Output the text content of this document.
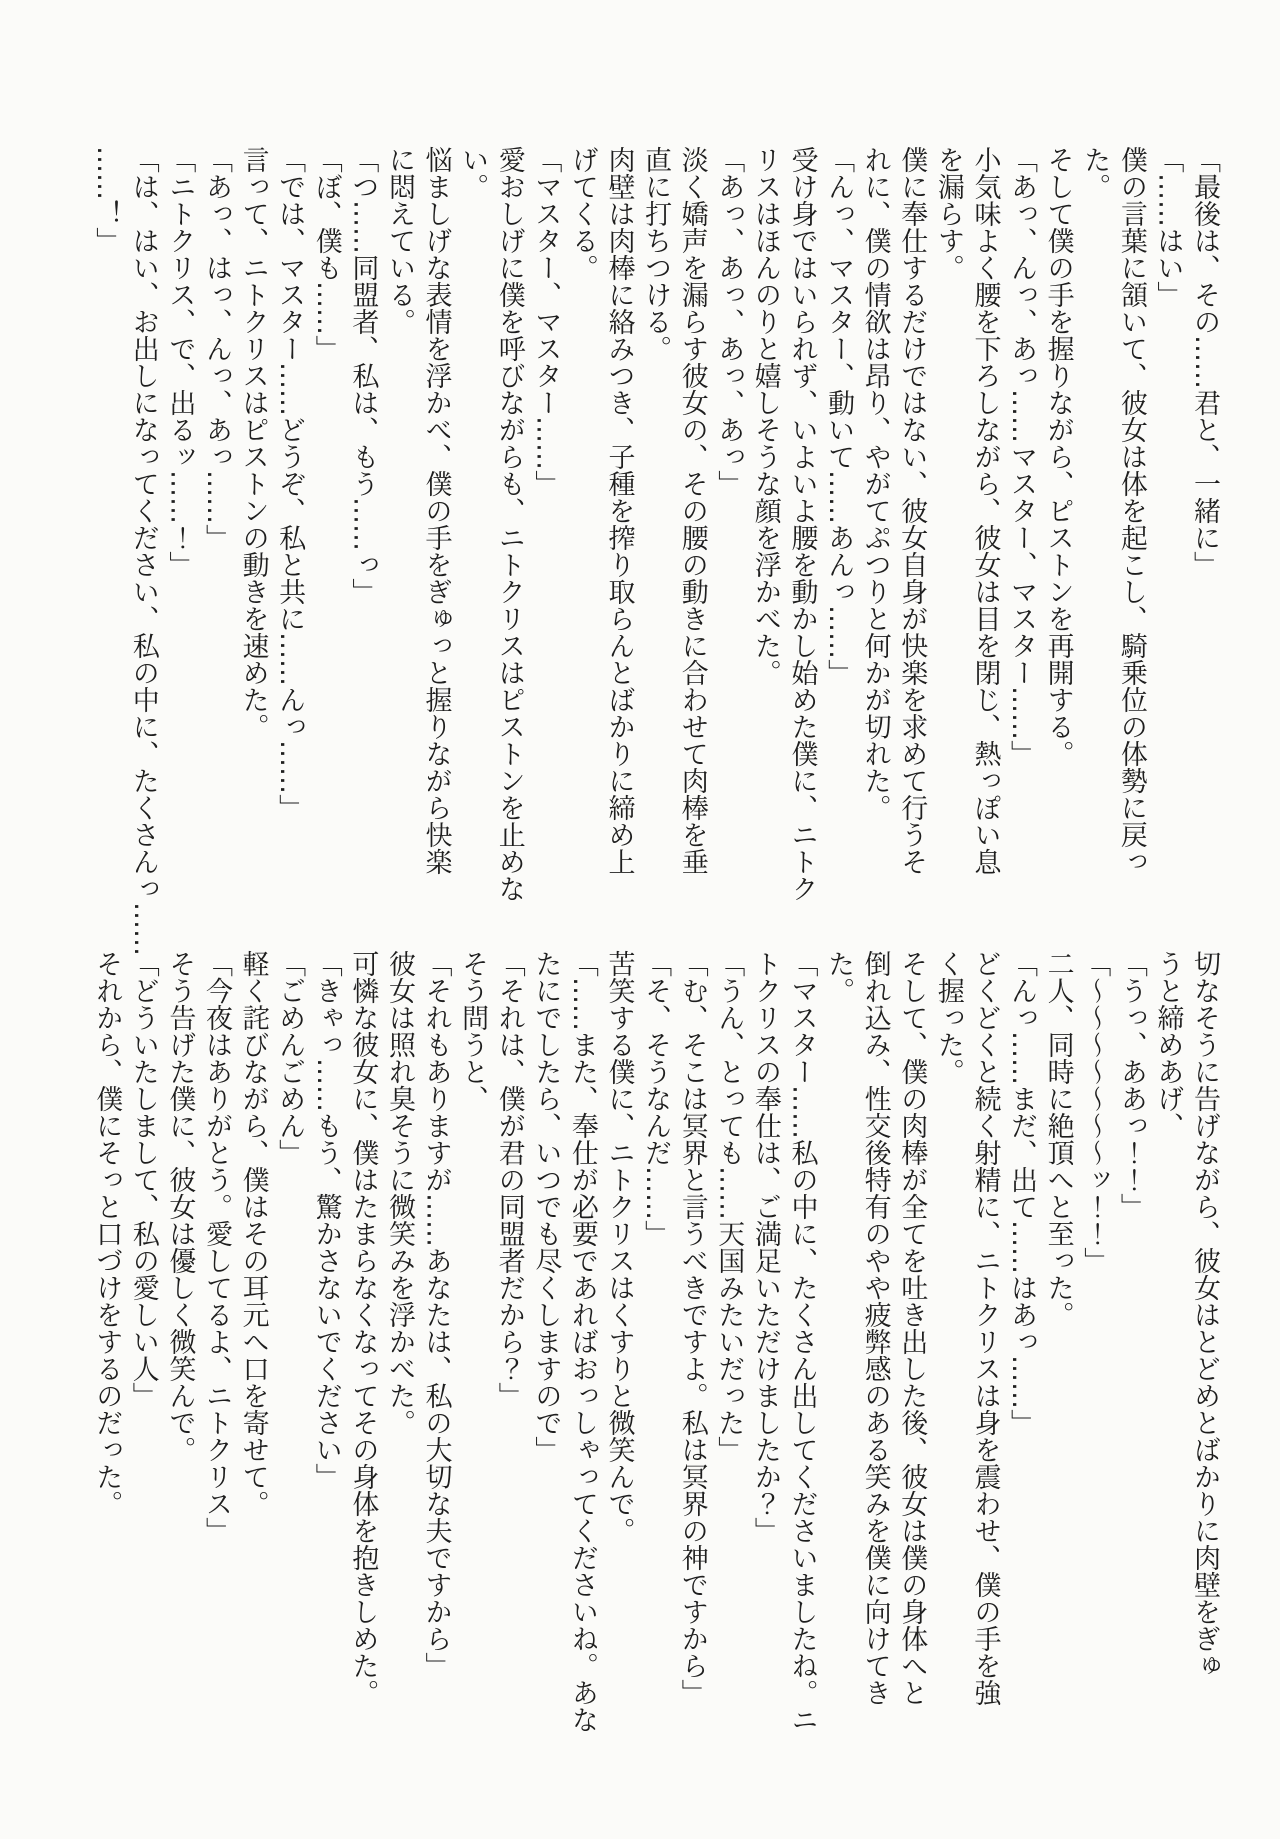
「最後は、その……君と、一緒に」
「……はい」
僕の言葉に頷いて、彼女は体を起こし、騎乗位の体勢に戻っ
た。
そして僕の手を握りながら、ピストンを再開する。
「あっ、んっ、あっ……マスター、マスター……」
小気味よく腰を下ろしながら、彼女は目を閉じ、熱っぽい息
を漏らす。
僕に奉仕するだけではない、彼女自身が快楽を求めて行うそ
れに、僕の情欲は昂り、やがてぷつりと何かが切れた。
「んっ、マスター、動いて……あんっ……」
受け身ではいられず、いよいよ腰を動かし始めた僕に、ニトク
リスはほんのりと嬉しそうな顔を浮かべた。
「あっ、あっ、あっ、あっ」
淡く嬌声を漏らす彼女の、その腰の動きに合わせて肉棒を垂
直に打ちつける。
肉壁は肉棒に絡みつき、子種を搾り取らんとばかりに締め上
げてくる。
「マスター、マスター……」
愛おしげに僕を呼びながらも、ニトクリスはピストンを止めな
い。
悩ましげな表情を浮かべ、僕の手をぎゅっと握りながら快楽
に悶えている。
「つ……同盟者、私は、もう……っ」
「ぼ、僕も……」
「では、マスター……どうぞ、私と共に……んっ……」
言って、ニトクリスはピストンの動きを速めた。
「あっ、はっ、んっ、あっ……」
「ニトクリス、で、出るッ……！」
「は、はい、お出しになってください、私の中に、たくさんっ……
……！」
切なそうに告げながら、彼女はとどめとばかりに肉壁をぎゅ
うと締めあげ、
「うっ、ああっ！！」
「〜〜〜〜〜〜〜ッ！！」
二人、同時に絶頂へと至った。
「んっ……まだ、出て……はあっ……」
どくどくと続く射精に、ニトクリスは身を震わせ、僕の手を強
く握った。
そして、僕の肉棒が全てを吐き出した後、彼女は僕の身体へと
倒れ込み、性交後特有のやや疲弊感のある笑みを僕に向けてき
た。
「マスター……私の中に、たくさん出してくださいましたね。ニ
トクリスの奉仕は、ご満足いただけましたか？」
「うん、とっても……天国みたいだった」
「む、そこは冥界と言うべきですよ。私は冥界の神ですから」
「そ、そうなんだ……」
苦笑する僕に、ニトクリスはくすりと微笑んで。
「……また、奉仕が必要であればおっしゃってくださいね。あな
たにでしたら、いつでも尽くしますので」
「それは、僕が君の同盟者だから？」
そう問うと、
「それもありますが……あなたは、私の大切な夫ですから」
彼女は照れ臭そうに微笑みを浮かべた。
可憐な彼女に、僕はたまらなくなってその身体を抱きしめた。
「きゃっ……もう、驚かさないでください」
「ごめんごめん」
軽く詫びながら、僕はその耳元へ口を寄せて。
「今夜はありがとう。愛してるよ、ニトクリス」
そう告げた僕に、彼女は優しく微笑んで。
「どういたしまして、私の愛しい人」
それから、僕にそっと口づけをするのだった。
